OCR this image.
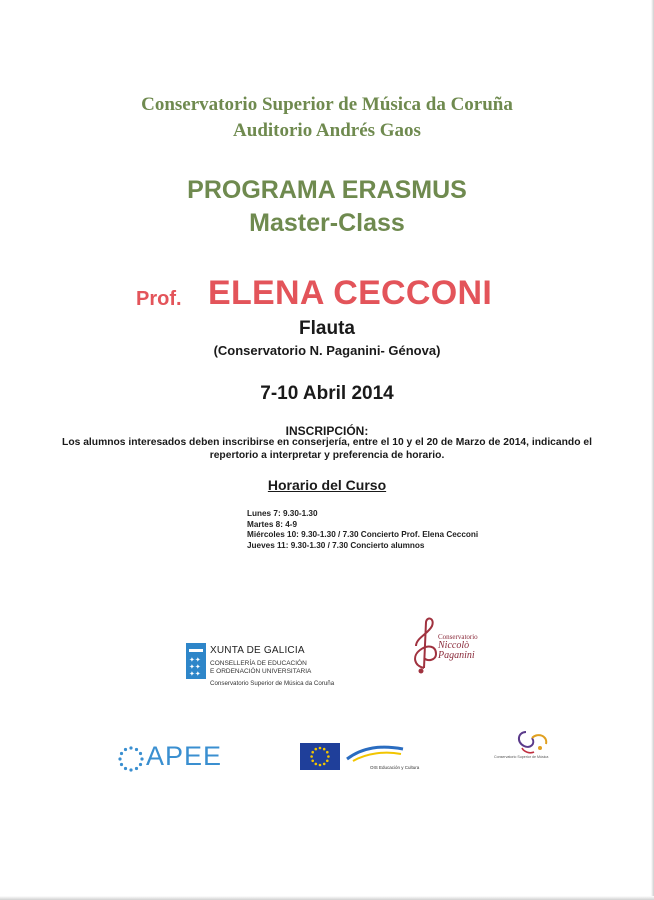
Conservatorio Superior de Música da Coruña
Auditorio Andrés Gaos
PROGRAMA ERASMUS
Master-Class
Prof. ELENA CECCONI
Flauta
(Conservatorio N. Paganini- Génova)
7-10 Abril 2014
INSCRIPCIÓN:
Los alumnos interesados deben inscribirse en conserjería, entre el 10 y el 20 de Marzo de 2014, indicando el repertorio a interpretar y preferencia de horario.
Horario del Curso
Lunes 7: 9.30-1.30
Martes 8: 4-9
Miércoles 10: 9.30-1.30 / 7.30 Concierto Prof. Elena Cecconi
Jueves 11: 9.30-1.30 / 7.30 Concierto alumnos
✦✦
✦✦
✦✦
XUNTA DE GALICIA
CONSELLERÍA DE EDUCACIÓN
E ORDENACIÓN UNIVERSITARIA
Conservatorio Superior de Música da Coruña
Conservatorio
Niccolò
Paganini
APEE	OIS Educación y Cultura
Conservatorio Superior de Música
